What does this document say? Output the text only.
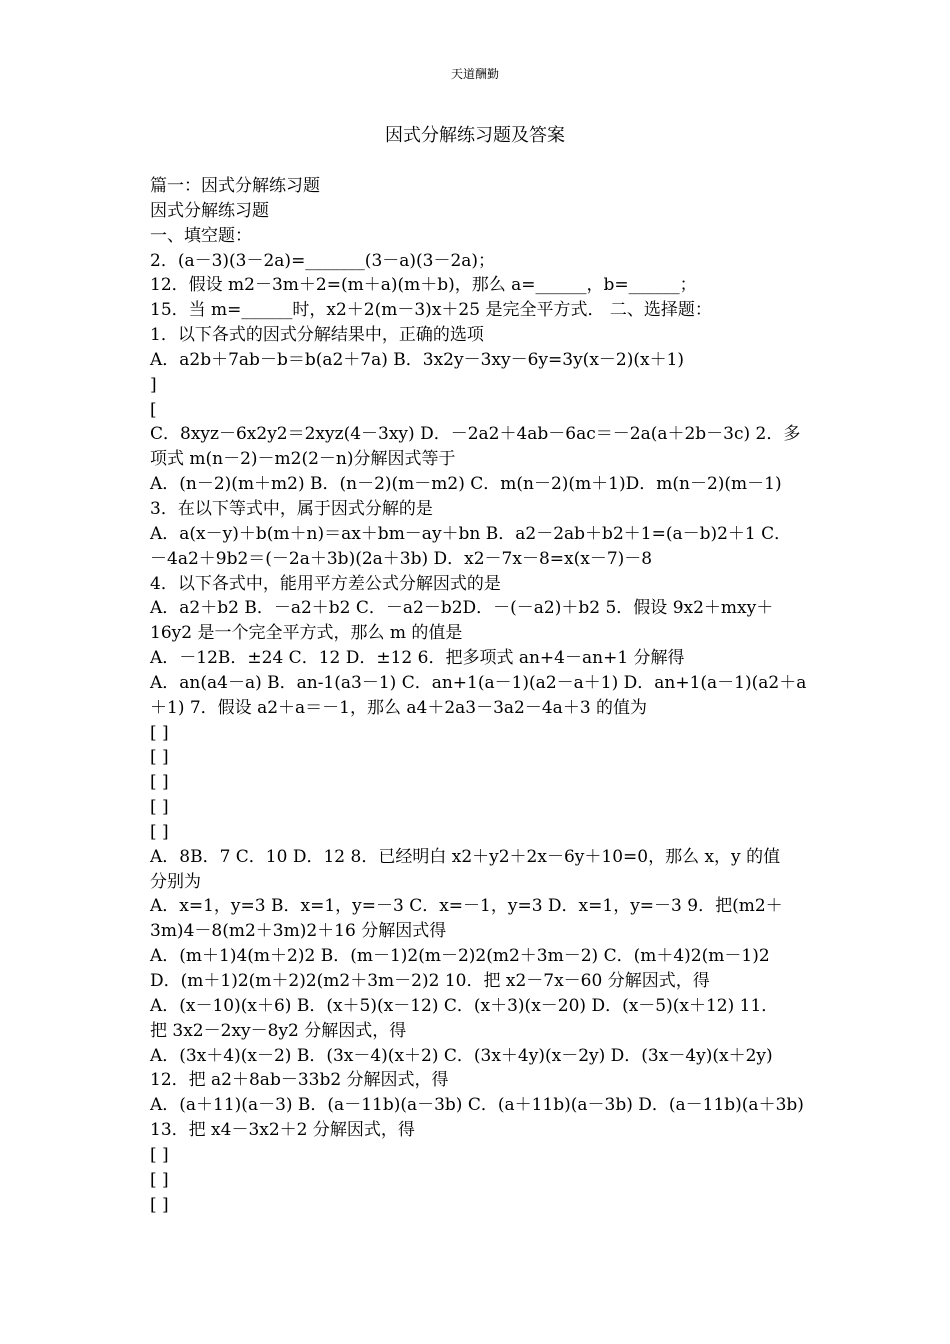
天道酬勤
因式分解练习题及答案
篇一：因式分解练习题
因式分解练习题
一、填空题：
2．(a－3)(3－2a)=_______(3－a)(3－2a)；
12．假设 m2－3m＋2=(m＋a)(m＋b)，那么 a=______，b=______；
15．当 m=______时，x2＋2(m－3)x＋25 是完全平方式． 二、选择题：
1．以下各式的因式分解结果中，正确的选项
A．a2b＋7ab－b＝b(a2＋7a) B．3x2y－3xy－6y=3y(x－2)(x＋1)
]
[
C．8xyz－6x2y2＝2xyz(4－3xy) D．－2a2＋4ab－6ac＝－2a(a＋2b－3c) 2．多
项式 m(n－2)－m2(2－n)分解因式等于
A．(n－2)(m＋m2) B．(n－2)(m－m2) C．m(n－2)(m＋1)D．m(n－2)(m－1)
3．在以下等式中，属于因式分解的是
A．a(x－y)＋b(m＋n)＝ax＋bm－ay＋bn B．a2－2ab＋b2＋1=(a－b)2＋1 C．
－4a2＋9b2＝(－2a＋3b)(2a＋3b) D．x2－7x－8=x(x－7)－8
4．以下各式中，能用平方差公式分解因式的是
A．a2＋b2 B．－a2＋b2 C．－a2－b2D．－(－a2)＋b2 5．假设 9x2＋mxy＋
16y2 是一个完全平方式，那么 m 的值是
A．－12B．±24 C．12 D．±12 6．把多项式 an+4－an+1 分解得
A．an(a4－a) B．an-1(a3－1) C．an+1(a－1)(a2－a＋1) D．an+1(a－1)(a2＋a
＋1) 7．假设 a2＋a＝－1，那么 a4＋2a3－3a2－4a＋3 的值为
[ ]
[ ]
[ ]
[ ]
[ ]
A．8B．7 C．10 D．12 8．已经明白 x2＋y2＋2x－6y＋10=0，那么 x，y 的值
分别为
A．x=1，y=3 B．x=1，y=－3 C．x=－1，y=3 D．x=1，y=－3 9．把(m2＋
3m)4－8(m2＋3m)2＋16 分解因式得
A．(m＋1)4(m＋2)2 B．(m－1)2(m－2)2(m2＋3m－2) C．(m＋4)2(m－1)2
D．(m＋1)2(m＋2)2(m2＋3m－2)2 10．把 x2－7x－60 分解因式，得
A．(x－10)(x＋6) B．(x＋5)(x－12) C．(x＋3)(x－20) D．(x－5)(x＋12) 11．
把 3x2－2xy－8y2 分解因式，得
A．(3x＋4)(x－2) B．(3x－4)(x＋2) C．(3x＋4y)(x－2y) D．(3x－4y)(x＋2y)
12．把 a2＋8ab－33b2 分解因式，得
A．(a＋11)(a－3) B．(a－11b)(a－3b) C．(a＋11b)(a－3b) D．(a－11b)(a＋3b)
13．把 x4－3x2＋2 分解因式，得
[ ]
[ ]
[ ]
